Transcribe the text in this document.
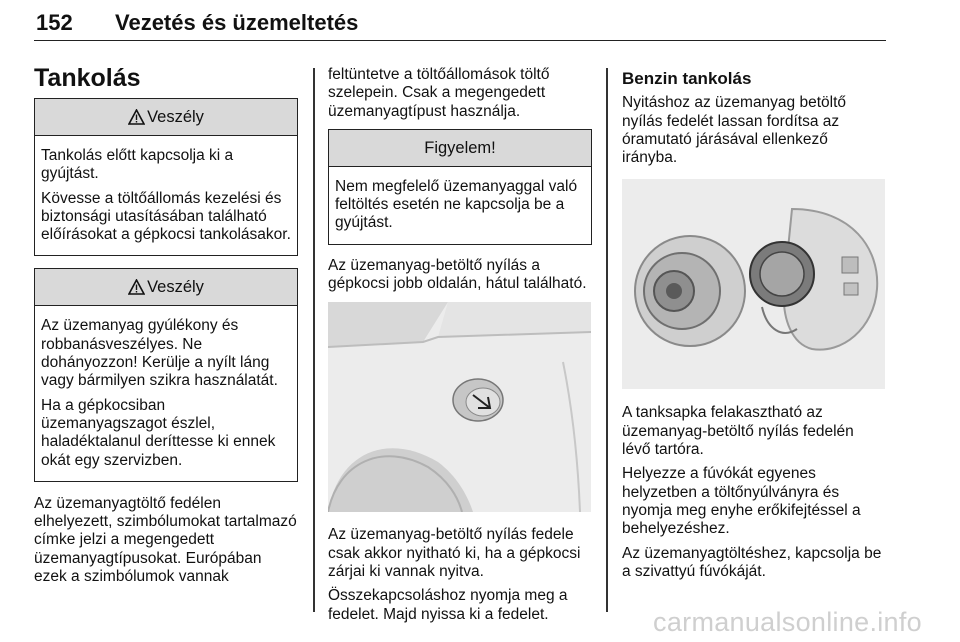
152 Vezetés és üzemeltetés
Tankolás
Veszély

Tankolás előtt kapcsolja ki a gyújtást.

Kövesse a töltőállomás kezelési és biztonsági utasításában található előírásokat a gépkocsi tankolásakor.

Veszély

Az üzemanyag gyúlékony és robbanásveszélyes. Ne dohányozzon! Kerülje a nyílt láng vagy bármilyen szikra használatát.

Ha a gépkocsiban üzemanyagszagot észlel, haladéktalanul deríttesse ki ennek okát egy szervizben.

Az üzemanyagtöltő fedélen elhelyezett, szimbólumokat tartalmazó címke jelzi a megengedett üzemanyagtípusokat. Európában ezek a szimbólumok vannak

feltüntetve a töltőállomások töltő szelepein. Csak a megengedett üzemanyagtípust használja.

Figyelem!

Nem megfelelő üzemanyaggal való feltöltés esetén ne kapcsolja be a gyújtást.

Az üzemanyag-betöltő nyílás a gépkocsi jobb oldalán, hátul található.

Az üzemanyag-betöltő nyílás fedele csak akkor nyitható ki, ha a gépkocsi zárjai ki vannak nyitva.

Összekapcsoláshoz nyomja meg a fedelet. Majd nyissa ki a fedelet.

Benzin tankolás

Nyitáshoz az üzemanyag betöltő nyílás fedelét lassan fordítsa az óramutató járásával ellenkező irányba.

A tanksapka felakasztható az üzemanyag-betöltő nyílás fedelén lévő tartóra.

Helyezze a fúvókát egyenes helyzetben a töltőnyúlványra és nyomja meg enyhe erőkifejtéssel a behelyezéshez.

Az üzemanyagtöltéshez, kapcsolja be a szivattyú fúvókáját.

carmanualsonline.info
